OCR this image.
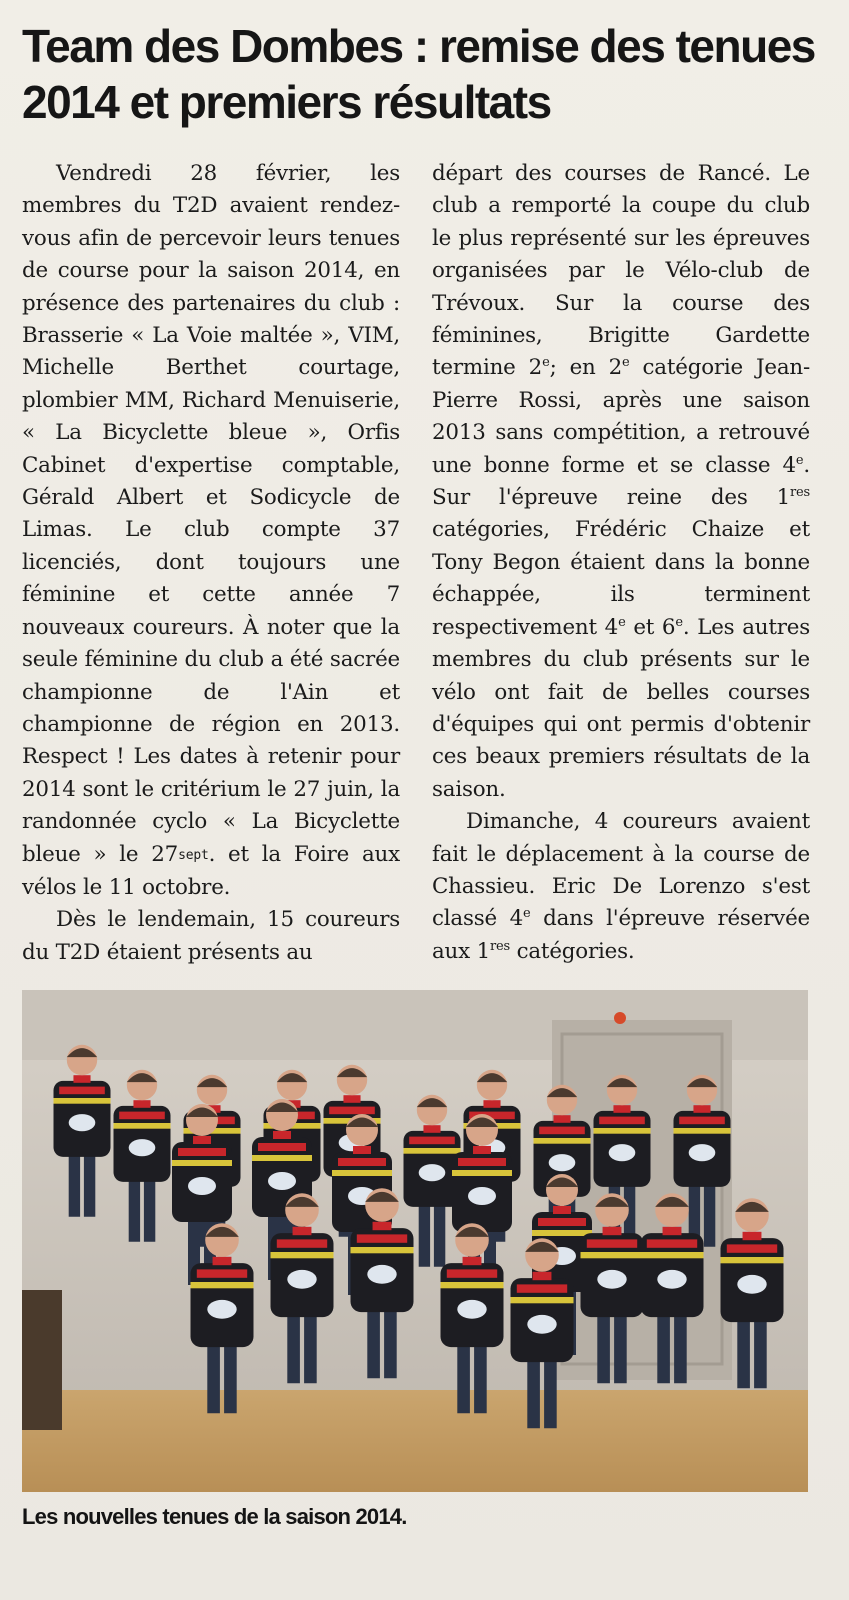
Team des Dombes : remise des tenues 2014 et premiers résultats

Vendredi 28 février, les membres du T2D avaient rendez-vous afin de percevoir leurs tenues de course pour la saison 2014, en présence des partenaires du club : Brasserie « La Voie maltée », VIM, Michelle Berthet courtage, plombier MM, Richard Menuiserie, « La Bicyclette bleue », Orfis Cabinet d'expertise comptable, Gérald Albert et Sodicycle de Limas. Le club compte 37 licenciés, dont toujours une féminine et cette année 7 nouveaux coureurs. À noter que la seule féminine du club a été sacrée championne de l'Ain et championne de région en 2013. Respect ! Les dates à retenir pour 2014 sont le critérium le 27 juin, la randonnée cyclo « La Bicyclette bleue » le 27sept. et la Foire aux vélos le 11 octobre.

Dès le lendemain, 15 coureurs du T2D étaient présents au

départ des courses de Rancé. Le club a remporté la coupe du club le plus représenté sur les épreuves organisées par le Vélo-club de Trévoux. Sur la course des féminines, Brigitte Gardette termine 2e; en 2e catégorie Jean-Pierre Rossi, après une saison 2013 sans compétition, a retrouvé une bonne forme et se classe 4e. Sur l'épreuve reine des 1res catégories, Frédéric Chaize et Tony Begon étaient dans la bonne échappée, ils terminent respectivement 4e et 6e. Les autres membres du club présents sur le vélo ont fait de belles courses d'équipes qui ont permis d'obtenir ces beaux premiers résultats de la saison.

Dimanche, 4 coureurs avaient fait le déplacement à la course de Chassieu. Eric De Lorenzo s'est classé 4e dans l'épreuve réservée aux 1res catégories.

Les nouvelles tenues de la saison 2014.
